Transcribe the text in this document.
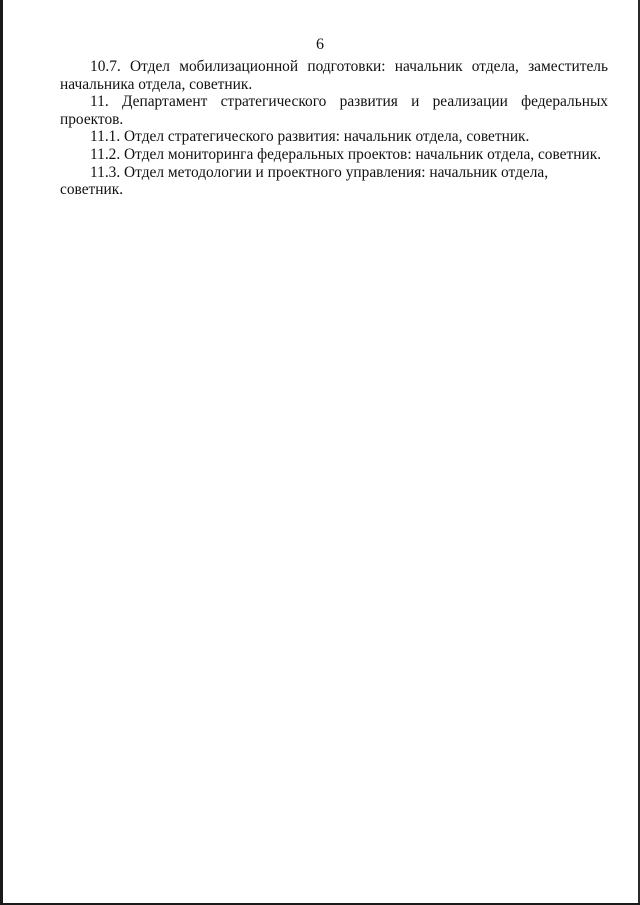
6

10.7. Отдел мобилизационной подготовки: начальник отдела, заместитель начальника отдела, советник.

11. Департамент стратегического развития и реализации федеральных проектов.

11.1. Отдел стратегического развития: начальник отдела, советник.

11.2. Отдел мониторинга федеральных проектов: начальник отдела, советник.

11.3. Отдел методологии и проектного управления: начальник отдела, советник.
